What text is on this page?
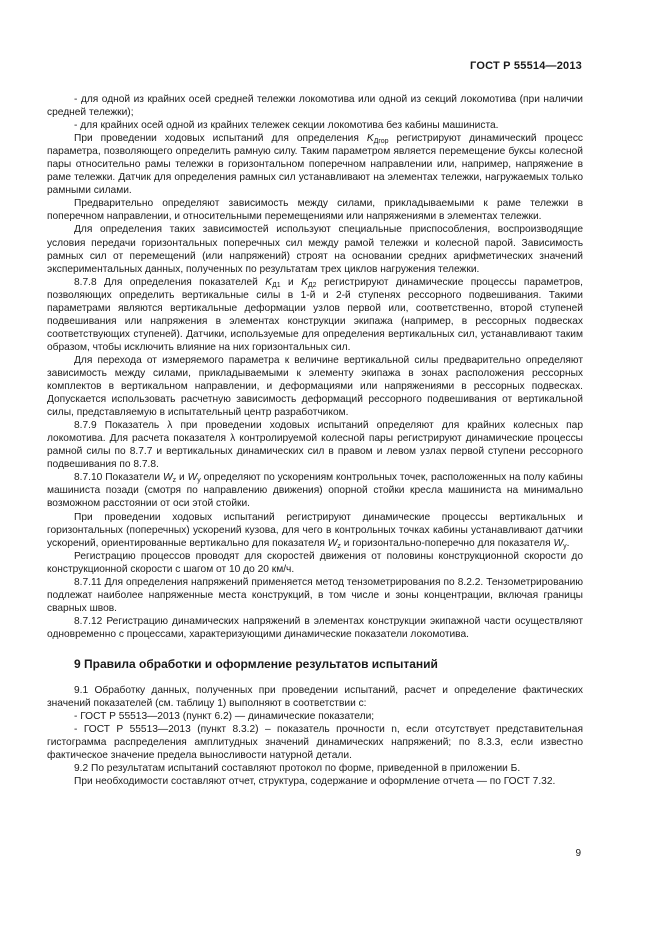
ГОСТ Р 55514—2013

- для одной из крайних осей средней тележки локомотива или одной из секций локомотива (при наличии средней тележки);

- для крайних осей одной из крайних тележек секции локомотива без кабины машиниста.

При проведении ходовых испытаний для определения $K_{Дгор}$ регистрируют динамический процесс параметра, позволяющего определить рамную силу. Таким параметром является перемещение буксы колесной пары относительно рамы тележки в горизонтальном поперечном направлении или, например, напряжение в раме тележки. Датчик для определения рамных сил устанавливают на элементах тележки, нагружаемых только рамными силами.

Предварительно определяют зависимость между силами, прикладываемыми к раме тележки в поперечном направлении, и относительными перемещениями или напряжениями в элементах тележки.

Для определения таких зависимостей используют специальные приспособления, воспроизводящие условия передачи горизонтальных поперечных сил между рамой тележки и колесной парой. Зависимость рамных сил от перемещений (или напряжений) строят на основании средних арифметических значений экспериментальных данных, полученных по результатам трех циклов нагружения тележки.

8.7.8 Для определения показателей $K_{Д1}$ и $K_{Д2}$ регистрируют динамические процессы параметров, позволяющих определить вертикальные силы в 1-й и 2-й ступенях рессорного подвешивания. Такими параметрами являются вертикальные деформации узлов первой или, соответственно, второй ступеней подвешивания или напряжения в элементах конструкции экипажа (например, в рессорных подвесках соответствующих ступеней). Датчики, используемые для определения вертикальных сил, устанавливают таким образом, чтобы исключить влияние на них горизонтальных сил.

Для перехода от измеряемого параметра к величине вертикальной силы предварительно определяют зависимость между силами, прикладываемыми к элементу экипажа в зонах расположения рессорных комплектов в вертикальном направлении, и деформациями или напряжениями в рессорных подвесках. Допускается использовать расчетную зависимость деформаций рессорного подвешивания от вертикальной силы, представляемую в испытательный центр разработчиком.

8.7.9 Показатель λ при проведении ходовых испытаний определяют для крайних колесных пар локомотива. Для расчета показателя λ контролируемой колесной пары регистрируют динамические процессы рамной силы по 8.7.7 и вертикальных динамических сил в правом и левом узлах первой ступени рессорного подвешивания по 8.7.8.

8.7.10 Показатели $W_z$ и $W_y$ определяют по ускорениям контрольных точек, расположенных на полу кабины машиниста позади (смотря по направлению движения) опорной стойки кресла машиниста на минимально возможном расстоянии от оси этой стойки.

При проведении ходовых испытаний регистрируют динамические процессы вертикальных и горизонтальных (поперечных) ускорений кузова, для чего в контрольных точках кабины устанавливают датчики ускорений, ориентированные вертикально для показателя $W_z$ и горизонтально-поперечно для показателя $W_y$.

Регистрацию процессов проводят для скоростей движения от половины конструкционной скорости до конструкционной скорости с шагом от 10 до 20 км/ч.

8.7.11 Для определения напряжений применяется метод тензометрирования по 8.2.2. Тензометрированию подлежат наиболее напряженные места конструкций, в том числе и зоны концентрации, включая границы сварных швов.

8.7.12 Регистрацию динамических напряжений в элементах конструкции экипажной части осуществляют одновременно с процессами, характеризующими динамические показатели локомотива.

9 Правила обработки и оформление результатов испытаний

9.1 Обработку данных, полученных при проведении испытаний, расчет и определение фактических значений показателей (см. таблицу 1) выполняют в соответствии с:

- ГОСТ Р 55513—2013 (пункт 6.2) — динамические показатели;

- ГОСТ Р 55513—2013 (пункт 8.3.2) – показатель прочности n, если отсутствует представительная гистограмма распределения амплитудных значений динамических напряжений; по 8.3.3, если известно фактическое значение предела выносливости натурной детали.

9.2 По результатам испытаний составляют протокол по форме, приведенной в приложении Б.

При необходимости составляют отчет, структура, содержание и оформление отчета — по ГОСТ 7.32.

9
